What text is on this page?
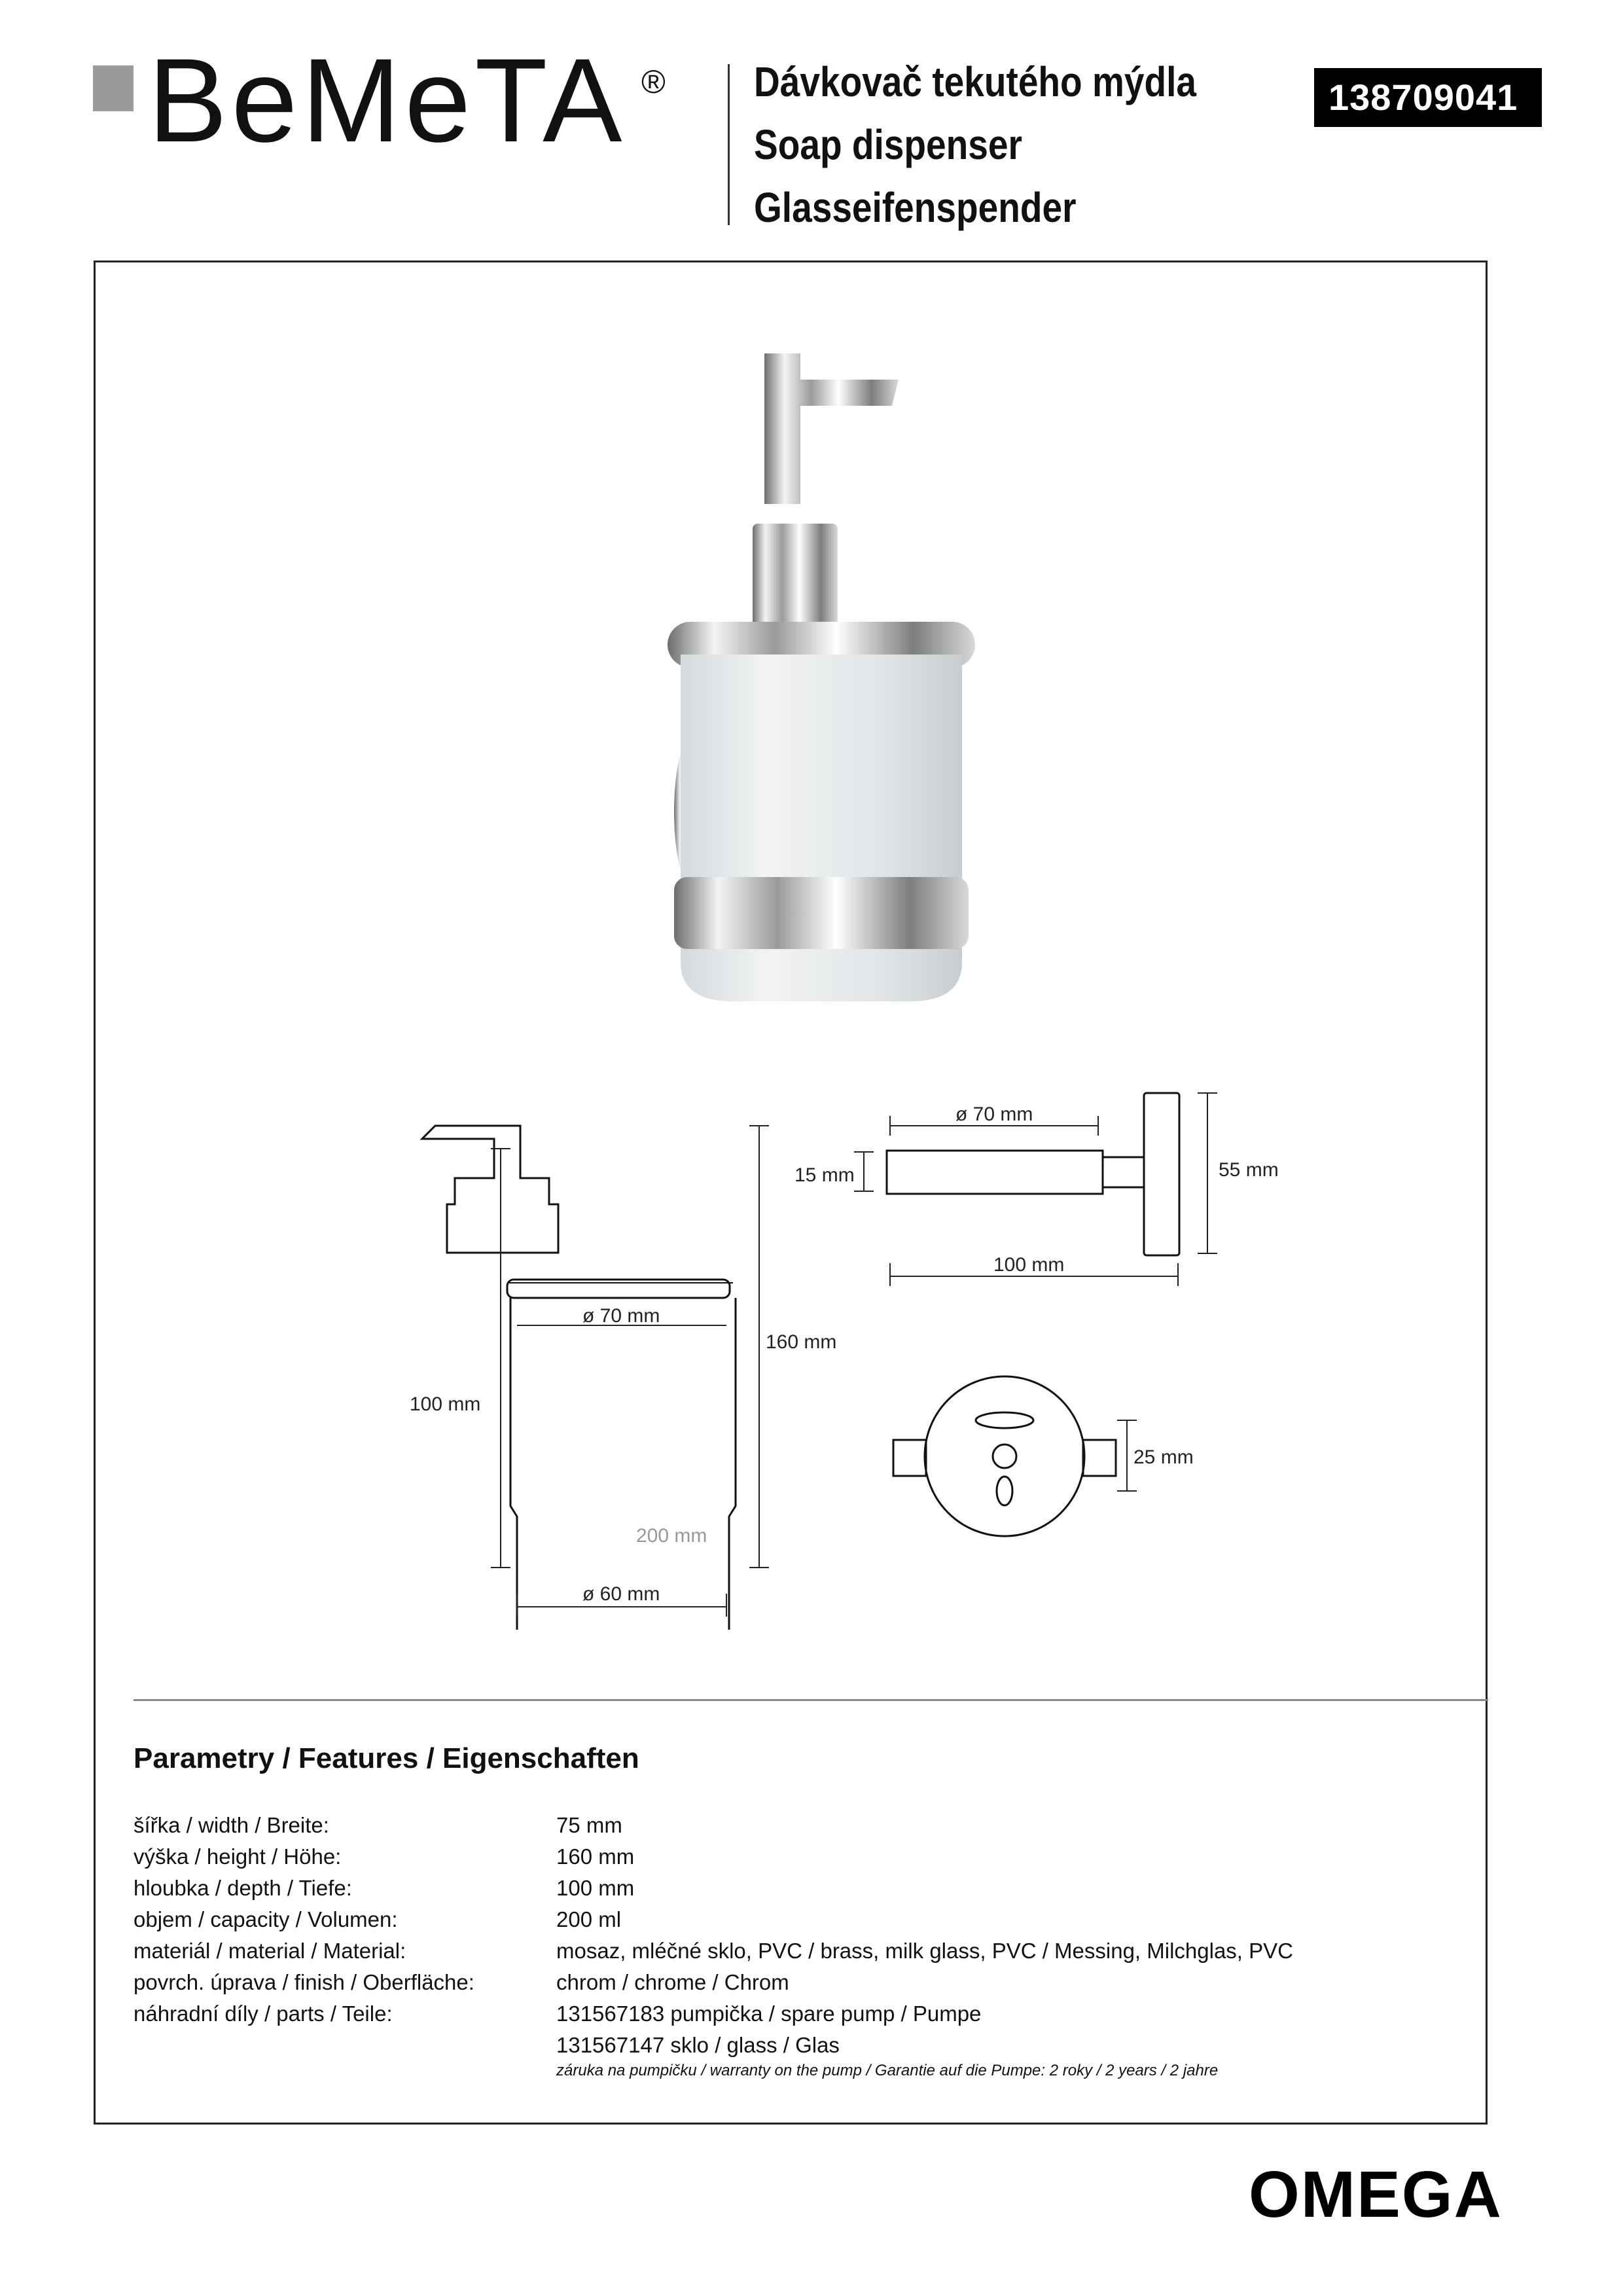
BeMeTA ® Dávkovač tekutého mýdla
Soap dispenser
Glasseifenspender
138709041
ø 70 mm
ø 60 mm
100 mm
160 mm
200 mm
ø 70 mm
15 mm	55 mm
100 mm
25 mm
Parametry / Features / Eigenschaften
šířka / width / Breite:	75 mm
výška / height / Höhe:	160 mm
hloubka / depth / Tiefe:	100 mm
objem / capacity / Volumen:	200 ml
materiál / material / Material:	mosaz, mléčné sklo, PVC / brass, milk glass, PVC / Messing, Milchglas, PVC
povrch. úprava / finish / Oberfläche:	chrom / chrome / Chrom
náhradní díly / parts / Teile:	131567183 pumpička / spare pump / Pumpe
131567147 sklo / glass / Glas
záruka na pumpičku / warranty on the pump / Garantie auf die Pumpe: 2 roky / 2 years / 2 jahre
OMEGA
